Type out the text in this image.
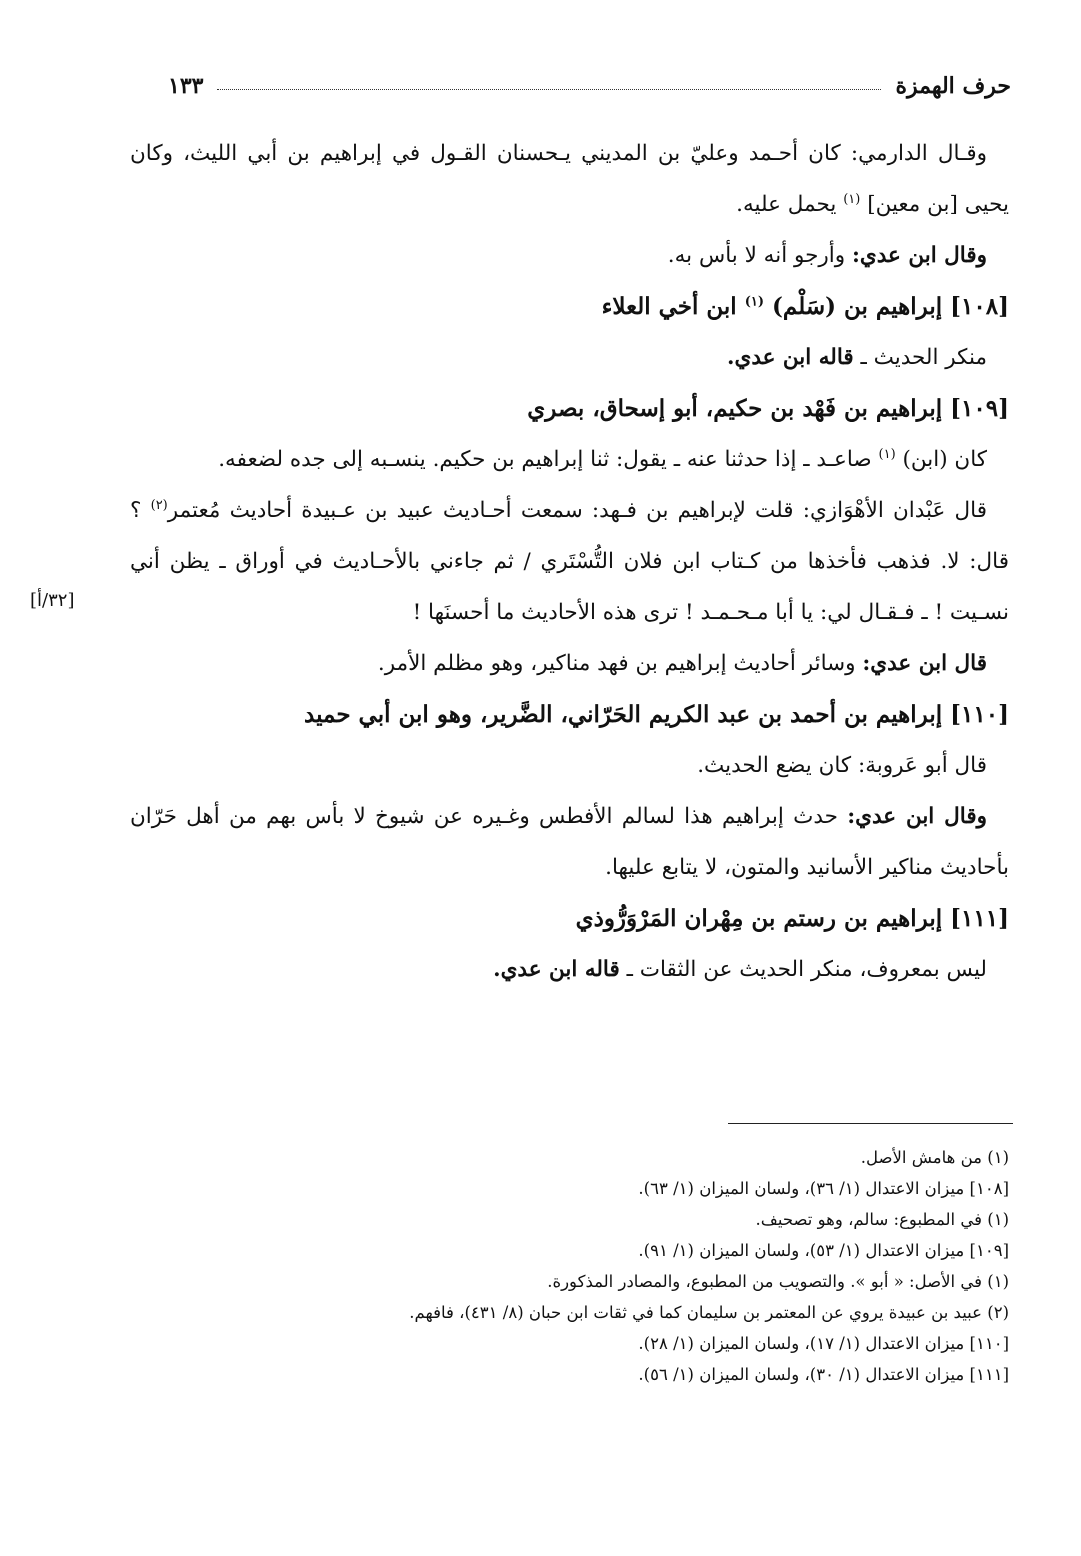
حرف الهمزة
١٣٣
[٣٢/أ]

وقـال الدارمي: كان أحـمد وعليّ بن المديني يـحسنان القـول في إبراهيم بن أبي الليث، وكان يحيى [بن معين] $^{(١)}$ يحمل عليه.

وقال ابن عدي: وأرجو أنه لا بأس به.

[١٠٨] إبراهيم بن (سَلْم) $^{(١)}$ ابن أخي العلاء

منكر الحديث ـ قاله ابن عدي.

[١٠٩] إبراهيم بن فَهْد بن حكيم، أبو إسحاق، بصري

كان (ابن) $^{(١)}$ صاعـد ـ إذا حدثنا عنه ـ يقول: ثنا إبراهيم بن حكيم. ينسـبه إلى جده لضعفه.

قال عَبْدان الأهْوَازي: قلت لإبراهيم بن فـهد: سمعت أحـاديث عبيد بن عـبيدة أحاديث مُعتمر$^{(٢)}$ ؟ قال: لا. فذهب فأخذها من كـتاب ابن فلان التُّسْتَري / ثم جاءني بالأحـاديث في أوراق ـ يظن أني نسـيت ! ـ فـقـال لي: يا أبا مـحـمـد ! ترى هذه الأحاديث ما أحسنَها !

قال ابن عدي: وسائر أحاديث إبراهيم بن فهد مناكير، وهو مظلم الأمر.

[١١٠] إبراهيم بن أحمد بن عبد الكريم الحَرّاني، الضَّرير، وهو ابن أبي حميد

قال أبو عَروبة: كان يضع الحديث.

وقال ابن عدي: حدث إبراهيم هذا لسالم الأفطس وغـيره عن شيوخ لا بأس بهم من أهل حَرّان بأحاديث مناكير الأسانيد والمتون، لا يتابع عليها.

[١١١] إبراهيم بن رستم بن مِهْران المَرْوَرُّوذي

ليس بمعروف، منكر الحديث عن الثقات ـ قاله ابن عدي.

(١) من هامش الأصل.

[١٠٨] ميزان الاعتدال (١/ ٣٦)، ولسان الميزان (١/ ٦٣).

(١) في المطبوع: سالم، وهو تصحيف.

[١٠٩] ميزان الاعتدال (١/ ٥٣)، ولسان الميزان (١/ ٩١).

(١) في الأصل: « أبو ». والتصويب من المطبوع، والمصادر المذكورة.

(٢) عبيد بن عبيدة يروي عن المعتمر بن سليمان كما في ثقات ابن حبان (٨/ ٤٣١)، فافهم.

[١١٠] ميزان الاعتدال (١/ ١٧)، ولسان الميزان (١/ ٢٨).

[١١١] ميزان الاعتدال (١/ ٣٠)، ولسان الميزان (١/ ٥٦).
